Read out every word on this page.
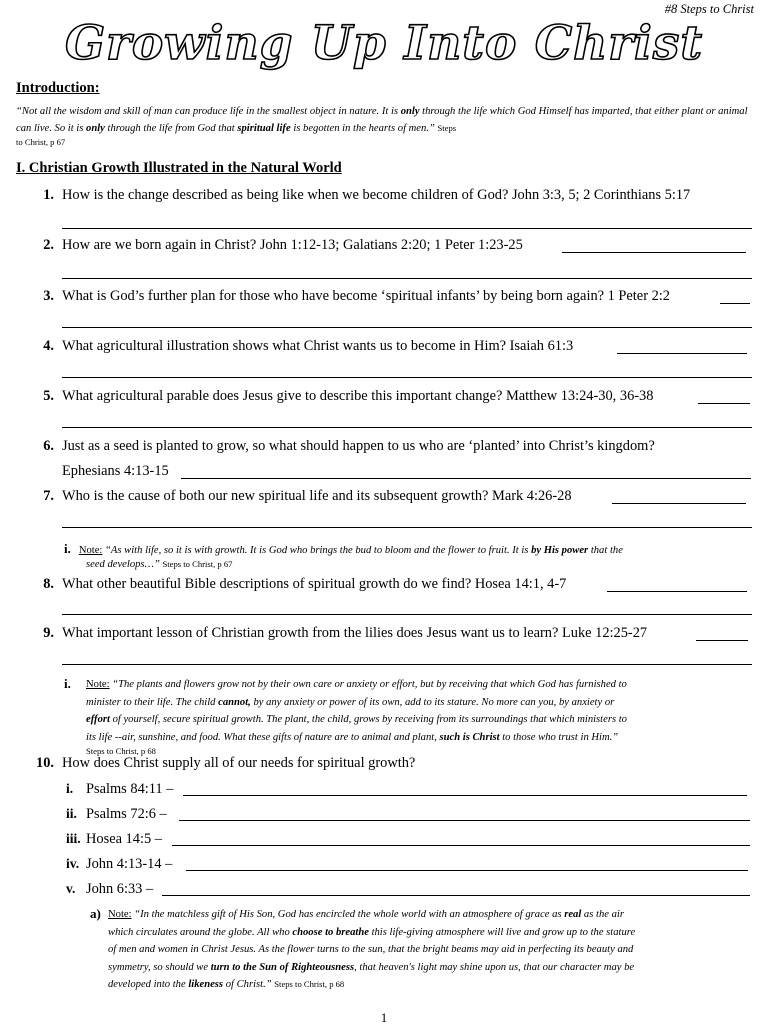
#8 Steps to Christ
Growing Up Into Christ
Introduction:
“Not all the wisdom and skill of man can produce life in the smallest object in nature. It is only through the life which God Himself has imparted, that either plant or animal can live. So it is only through the life from God that spiritual life is begotten in the hearts of men.” Steps
to Christ, p 67
I. Christian Growth Illustrated in the Natural World
1. How is the change described as being like when we become children of God? John 3:3, 5; 2 Corinthians 5:17
2. How are we born again in Christ? John 1:12-13; Galatians 2:20; 1 Peter 1:23-25
3. What is God’s further plan for those who have become ‘spiritual infants’ by being born again? 1 Peter 2:2
4. What agricultural illustration shows what Christ wants us to become in Him? Isaiah 61:3
5. What agricultural parable does Jesus give to describe this important change? Matthew 13:24-30, 36-38
6. Just as a seed is planted to grow, so what should happen to us who are ‘planted’ into Christ’s kingdom?
Ephesians 4:13-15
7. Who is the cause of both our new spiritual life and its subsequent growth? Mark 4:26-28
i. Note: “As with life, so it is with growth. It is God who brings the bud to bloom and the flower to fruit. It is by His power that the
seed develops…” Steps to Christ, p 67
8. What other beautiful Bible descriptions of spiritual growth do we find? Hosea 14:1, 4-7
9. What important lesson of Christian growth from the lilies does Jesus want us to learn? Luke 12:25-27
i. Note: “The plants and flowers grow not by their own care or anxiety or effort, but by receiving that which God has furnished to
minister to their life. The child cannot, by any anxiety or power of its own, add to its stature. No more can you, by anxiety or
effort of yourself, secure spiritual growth. The plant, the child, grows by receiving from its surroundings that which ministers to
its life --air, sunshine, and food. What these gifts of nature are to animal and plant, such is Christ to those who trust in Him.”
Steps to Christ, p 68
10. How does Christ supply all of our needs for spiritual growth?
i. Psalms 84:11 –
ii. Psalms 72:6 –
iii. Hosea 14:5 –
iv. John 4:13-14 –
v. John 6:33 –
a) Note: “In the matchless gift of His Son, God has encircled the whole world with an atmosphere of grace as real as the air
which circulates around the globe. All who choose to breathe this life-giving atmosphere will live and grow up to the stature
of men and women in Christ Jesus. As the flower turns to the sun, that the bright beams may aid in perfecting its beauty and
symmetry, so should we turn to the Sun of Righteousness, that heaven's light may shine upon us, that our character may be
developed into the likeness of Christ.” Steps to Christ, p 68
1
